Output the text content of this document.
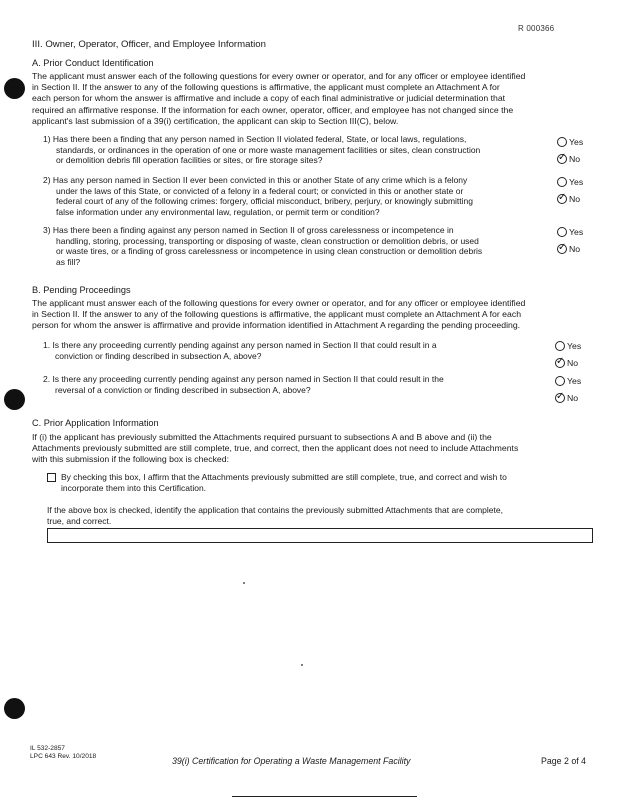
R 000366
III. Owner, Operator, Officer, and Employee Information
A. Prior Conduct Identification
The applicant must answer each of the following questions for every owner or operator, and for any officer or employee identified
in Section II. If the answer to any of the following questions is affirmative, the applicant must complete an Attachment A for
each person for whom the answer is affirmative and include a copy of each final administrative or judicial determination that
required an affirmative response. If the information for each owner, operator, officer, and employee has not changed since the
applicant's last submission of a 39(i) certification, the applicant can skip to Section III(C), below.
1) Has there been a finding that any person named in Section II violated federal, State, or local laws, regulations,
standards, or ordinances in the operation of one or more waste management facilities or sites, clean construction
or demolition debris fill operation facilities or sites, or fire storage sites?
Yes
✓
No
2) Has any person named in Section II ever been convicted in this or another State of any crime which is a felony
under the laws of this State, or convicted of a felony in a federal court; or convicted in this or another state or
federal court of any of the following crimes: forgery, official misconduct, bribery, perjury, or knowingly submitting
false information under any environmental law, regulation, or permit term or condition?
Yes
✓
No
3) Has there been a finding against any person named in Section II of gross carelessness or incompetence in
handling, storing, processing, transporting or disposing of waste, clean construction or demolition debris, or used
or waste tires, or a finding of gross carelessness or incompetence in using clean construction or demolition debris
as fill?
Yes
✓
No
B. Pending Proceedings
The applicant must answer each of the following questions for every owner or operator, and for any officer or employee identified
in Section II. If the answer to any of the following questions is affirmative, the applicant must complete an Attachment A for each
person for whom the answer is affirmative and provide information identified in Attachment A regarding the pending proceeding.
1. Is there any proceeding currently pending against any person named in Section II that could result in a
conviction or finding described in subsection A, above?
Yes
✓
No
2. Is there any proceeding currently pending against any person named in Section II that could result in the
reversal of a conviction or finding described in subsection A, above?
Yes
✓
No
C. Prior Application Information
If (i) the applicant has previously submitted the Attachments required pursuant to subsections A and B above and (ii) the
Attachments previously submitted are still complete, true, and correct, then the applicant does not need to include Attachments
with this submission if the following box is checked:
By checking this box, I affirm that the Attachments previously submitted are still complete, true, and correct and wish to
incorporate them into this Certification.
If the above box is checked, identify the application that contains the previously submitted Attachments that are complete,
true, and correct.
IL 532-2857
LPC 643 Rev. 10/2018	39(i) Certification for Operating a Waste Management Facility	Page 2 of 4
